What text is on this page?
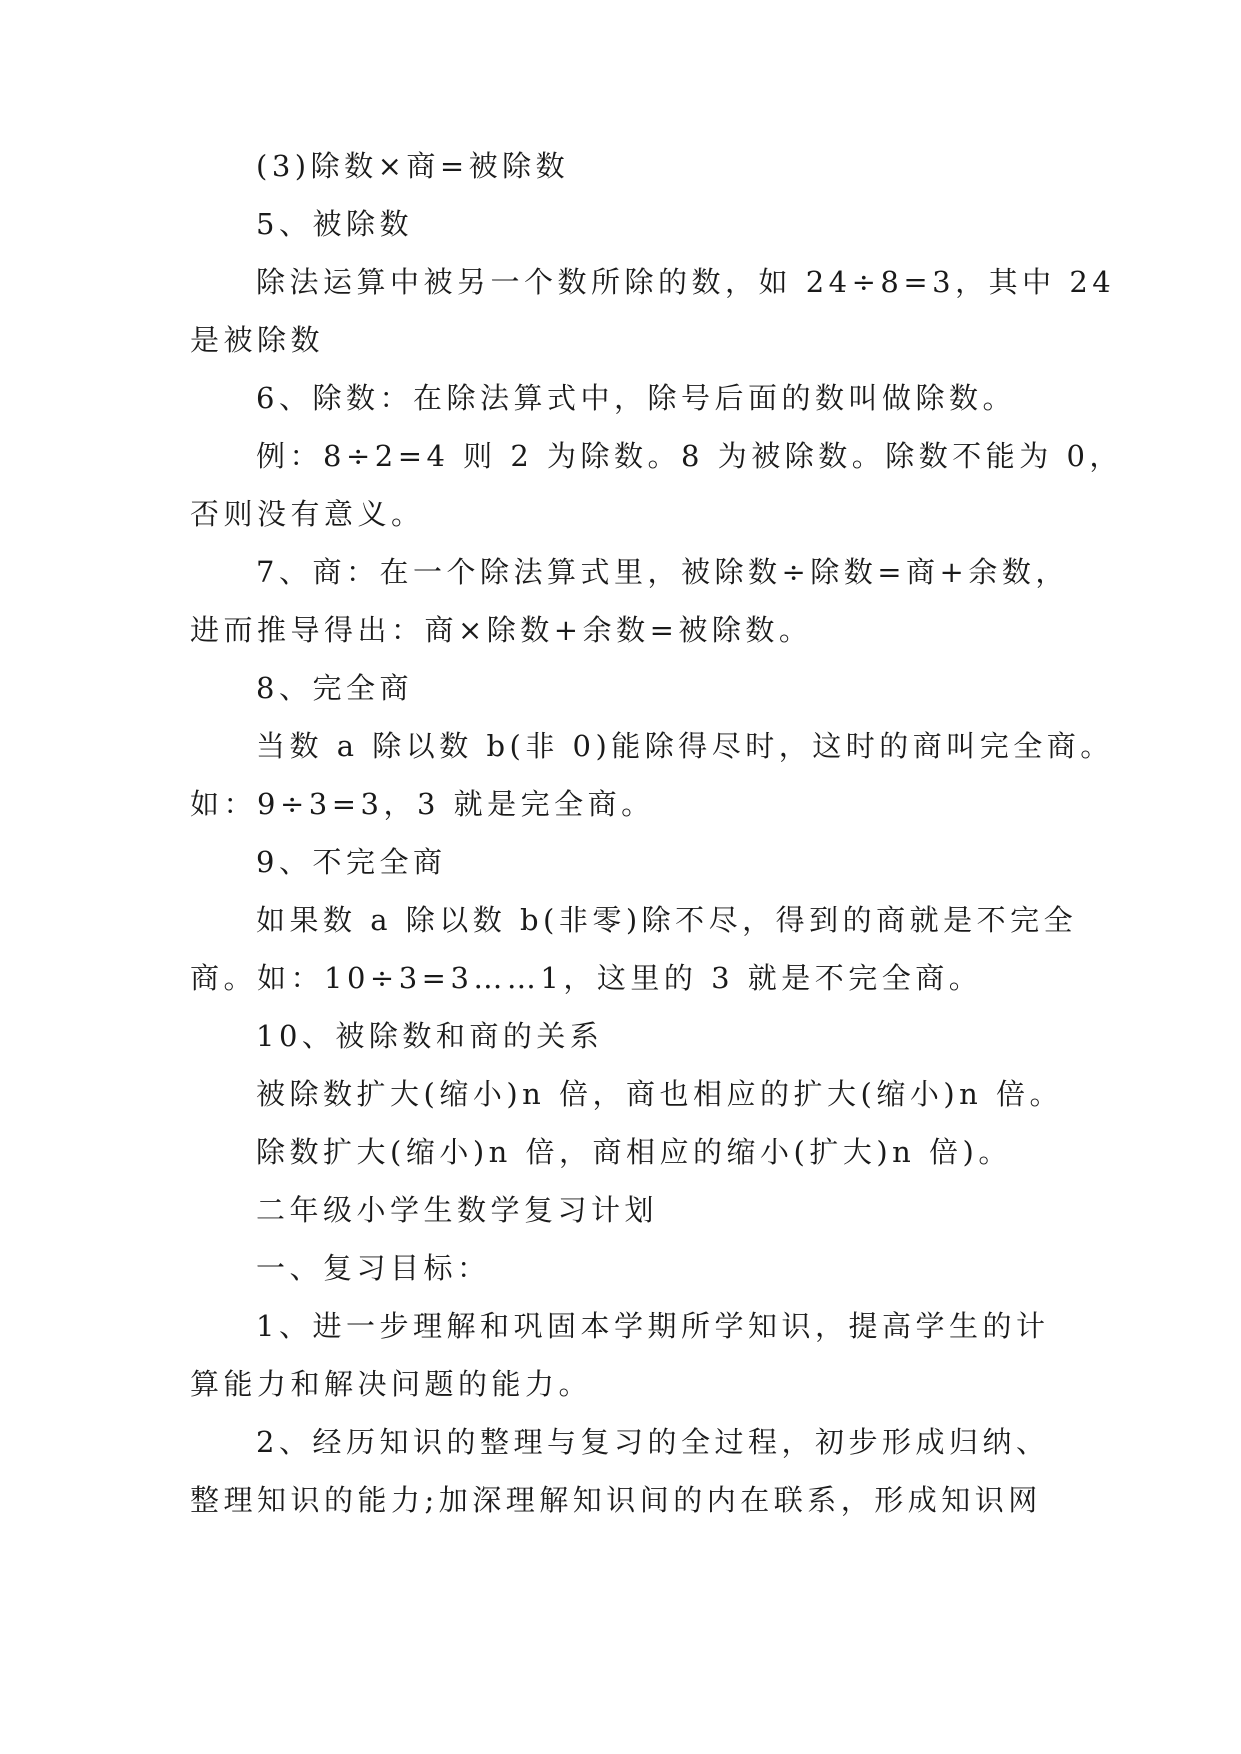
(3)除数×商=被除数
5、被除数
除法运算中被另一个数所除的数，如 24÷8=3，其中 24
是被除数
6、除数：在除法算式中，除号后面的数叫做除数。
例：8÷2=4 则 2 为除数。8 为被除数。除数不能为 0，
否则没有意义。
7、商：在一个除法算式里，被除数÷除数=商+余数，
进而推导得出：商×除数+余数=被除数。
8、完全商
当数 a 除以数 b(非 0)能除得尽时，这时的商叫完全商。
如：9÷3=3，3 就是完全商。
9、不完全商
如果数 a 除以数 b(非零)除不尽，得到的商就是不完全
商。如：10÷3=3……1，这里的 3 就是不完全商。
10、被除数和商的关系
被除数扩大(缩小)n 倍，商也相应的扩大(缩小)n 倍。
除数扩大(缩小)n 倍，商相应的缩小(扩大)n 倍)。
二年级小学生数学复习计划
一、复习目标：
1、进一步理解和巩固本学期所学知识，提高学生的计
算能力和解决问题的能力。
2、经历知识的整理与复习的全过程，初步形成归纳、
整理知识的能力;加深理解知识间的内在联系，形成知识网
